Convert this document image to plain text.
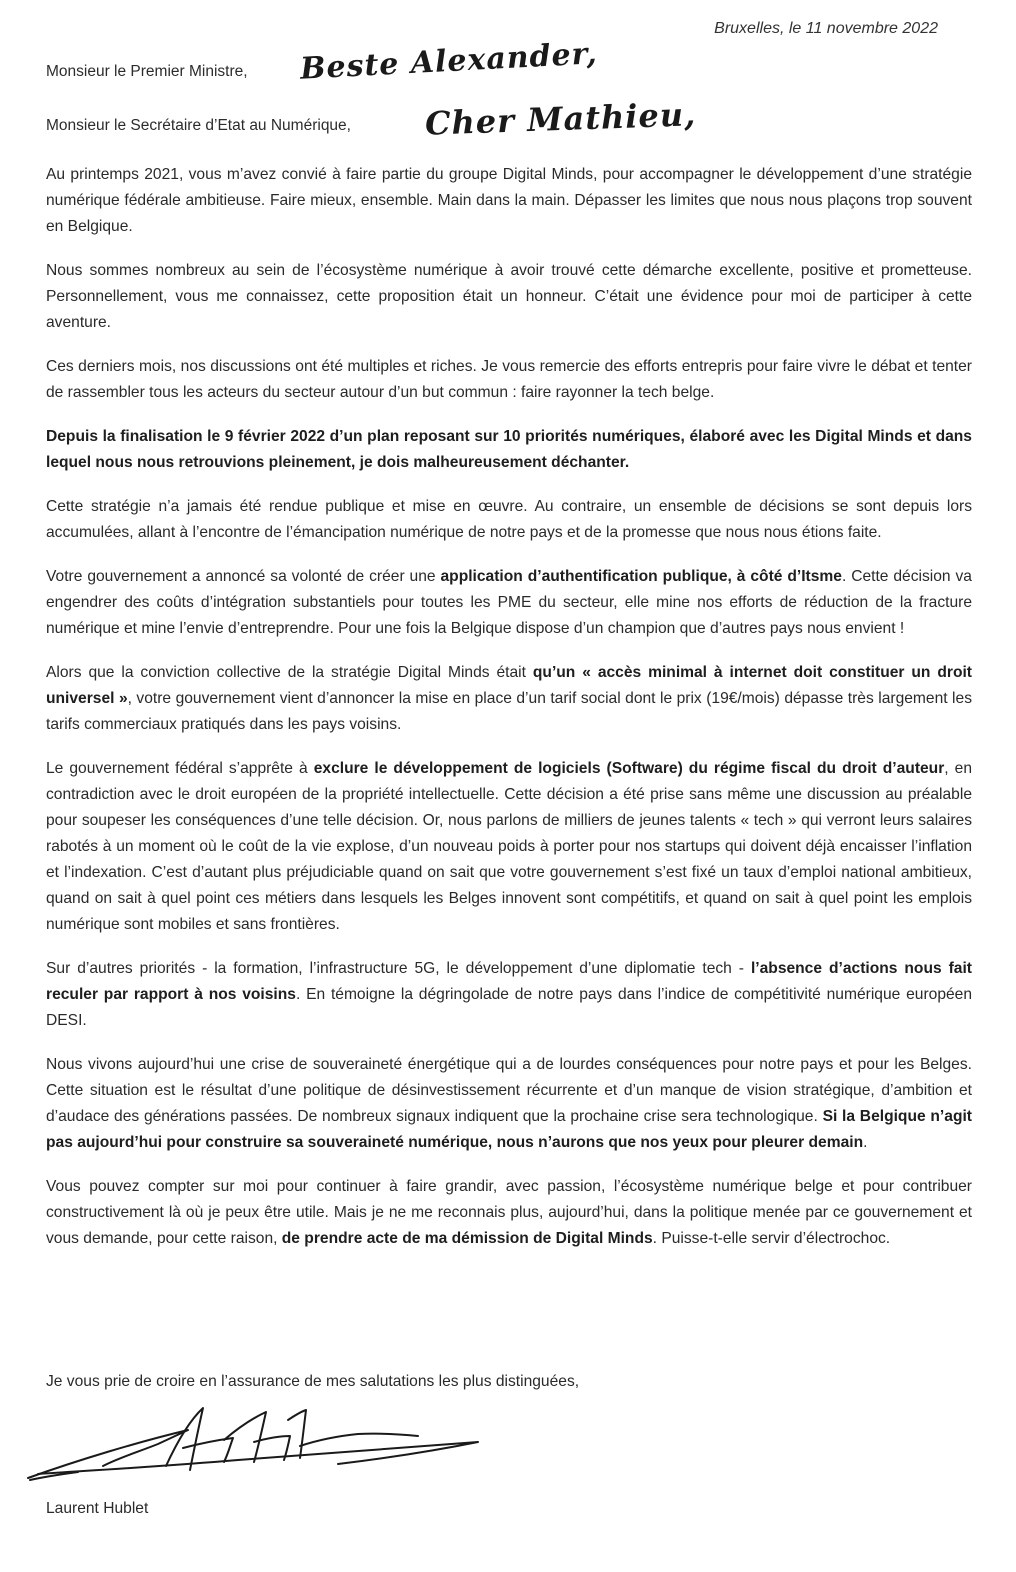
Bruxelles, le 11 novembre 2022
Monsieur le Premier Ministre, Beste Alexander,
Monsieur le Secrétaire d’Etat au Numérique, Cher Mathieu,

Au printemps 2021, vous m’avez convié à faire partie du groupe Digital Minds, pour accompagner le développement d’une stratégie numérique fédérale ambitieuse. Faire mieux, ensemble. Main dans la main. Dépasser les limites que nous nous plaçons trop souvent en Belgique.

Nous sommes nombreux au sein de l’écosystème numérique à avoir trouvé cette démarche excellente, positive et prometteuse. Personnellement, vous me connaissez, cette proposition était un honneur. C’était une évidence pour moi de participer à cette aventure.

Ces derniers mois, nos discussions ont été multiples et riches. Je vous remercie des efforts entrepris pour faire vivre le débat et tenter de rassembler tous les acteurs du secteur autour d’un but commun : faire rayonner la tech belge.

Depuis la finalisation le 9 février 2022 d’un plan reposant sur 10 priorités numériques, élaboré avec les Digital Minds et dans lequel nous nous retrouvions pleinement, je dois malheureusement déchanter.

Cette stratégie n’a jamais été rendue publique et mise en œuvre. Au contraire, un ensemble de décisions se sont depuis lors accumulées, allant à l’encontre de l’émancipation numérique de notre pays et de la promesse que nous nous étions faite.

Votre gouvernement a annoncé sa volonté de créer une application d’authentification publique, à côté d’Itsme. Cette décision va engendrer des coûts d’intégration substantiels pour toutes les PME du secteur, elle mine nos efforts de réduction de la fracture numérique et mine l’envie d’entreprendre. Pour une fois la Belgique dispose d’un champion que d’autres pays nous envient !

Alors que la conviction collective de la stratégie Digital Minds était qu’un « accès minimal à internet doit constituer un droit universel », votre gouvernement vient d’annoncer la mise en place d’un tarif social dont le prix (19€/mois) dépasse très largement les tarifs commerciaux pratiqués dans les pays voisins.

Le gouvernement fédéral s’apprête à exclure le développement de logiciels (Software) du régime fiscal du droit d’auteur, en contradiction avec le droit européen de la propriété intellectuelle. Cette décision a été prise sans même une discussion au préalable pour soupeser les conséquences d’une telle décision. Or, nous parlons de milliers de jeunes talents « tech » qui verront leurs salaires rabotés à un moment où le coût de la vie explose, d’un nouveau poids à porter pour nos startups qui doivent déjà encaisser l’inflation et l’indexation. C’est d’autant plus préjudiciable quand on sait que votre gouvernement s’est fixé un taux d’emploi national ambitieux, quand on sait à quel point ces métiers dans lesquels les Belges innovent sont compétitifs, et quand on sait à quel point les emplois numérique sont mobiles et sans frontières.

Sur d’autres priorités - la formation, l’infrastructure 5G, le développement d’une diplomatie tech - l’absence d’actions nous fait reculer par rapport à nos voisins. En témoigne la dégringolade de notre pays dans l’indice de compétitivité numérique européen DESI.

Nous vivons aujourd’hui une crise de souveraineté énergétique qui a de lourdes conséquences pour notre pays et pour les Belges. Cette situation est le résultat d’une politique de désinvestissement récurrente et d’un manque de vision stratégique, d’ambition et d’audace des générations passées. De nombreux signaux indiquent que la prochaine crise sera technologique. Si la Belgique n’agit pas aujourd’hui pour construire sa souveraineté numérique, nous n’aurons que nos yeux pour pleurer demain.

Vous pouvez compter sur moi pour continuer à faire grandir, avec passion, l’écosystème numérique belge et pour contribuer constructivement là où je peux être utile. Mais je ne me reconnais plus, aujourd’hui, dans la politique menée par ce gouvernement et vous demande, pour cette raison, de prendre acte de ma démission de Digital Minds. Puisse-t-elle servir d’électrochoc.

Je vous prie de croire en l’assurance de mes salutations les plus distinguées,
Laurent Hublet
